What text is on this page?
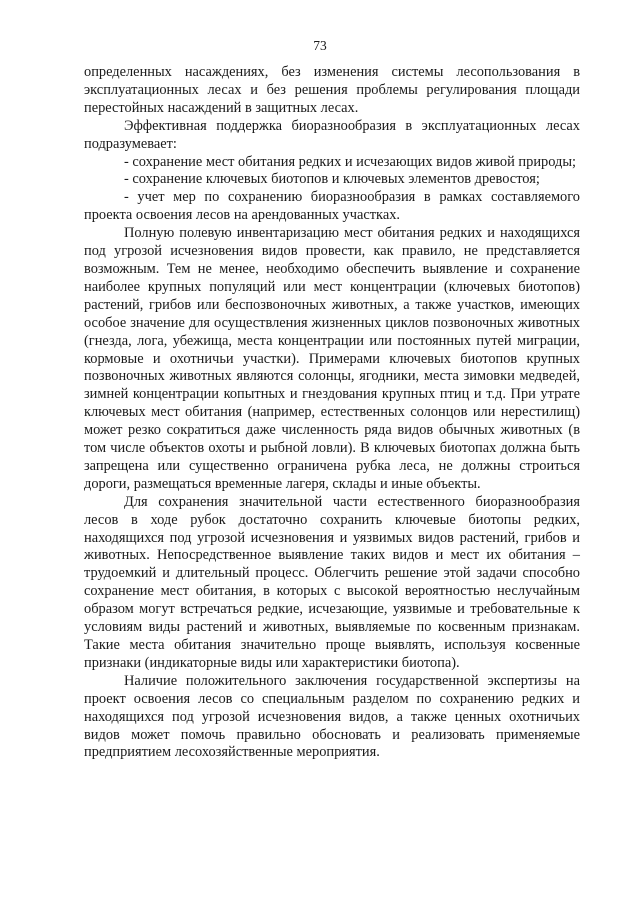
73

определенных насаждениях, без изменения системы лесопользования в эксплуатационных лесах и без решения проблемы регулирования площади перестойных насаждений в защитных лесах.

Эффективная поддержка биоразнообразия в эксплуатационных лесах подразумевает:

- сохранение мест обитания редких и исчезающих видов живой природы;

- сохранение ключевых биотопов и ключевых элементов древостоя;

- учет мер по сохранению биоразнообразия в рамках составляемого проекта освоения лесов на арендованных участках.

Полную полевую инвентаризацию мест обитания редких и находящихся под угрозой исчезновения видов провести, как правило, не представляется возможным. Тем не менее, необходимо обеспечить выявление и сохранение наиболее крупных популяций или мест концентрации (ключевых биотопов) растений, грибов или беспозвоночных животных, а также участков, имеющих особое значение для осуществления жизненных циклов позвоночных животных (гнезда, лога, убежища, места концентрации или постоянных путей миграции, кормовые и охотничьи участки). Примерами ключевых биотопов крупных позвоночных животных являются солонцы, ягодники, места зимовки медведей, зимней концентрации копытных и гнездования крупных птиц и т.д. При утрате ключевых мест обитания (например, естественных солонцов или нерестилищ) может резко сократиться даже численность ряда видов обычных животных (в том числе объектов охоты и рыбной ловли). В ключевых биотопах должна быть запрещена или существенно ограничена рубка леса, не должны строиться дороги, размещаться временные лагеря, склады и иные объекты.

Для сохранения значительной части естественного биоразнообразия лесов в ходе рубок достаточно сохранить ключевые биотопы редких, находящихся под угрозой исчезновения и уязвимых видов растений, грибов и животных. Непосредственное выявление таких видов и мест их обитания – трудоемкий и длительный процесс. Облегчить решение этой задачи способно сохранение мест обитания, в которых с высокой вероятностью неслучайным образом могут встречаться редкие, исчезающие, уязвимые и требовательные к условиям виды растений и животных, выявляемые по косвенным признакам. Такие места обитания значительно проще выявлять, используя косвенные признаки (индикаторные виды или характеристики биотопа).

Наличие положительного заключения государственной экспертизы на проект освоения лесов со специальным разделом по сохранению редких и находящихся под угрозой исчезновения видов, а также ценных охотничьих видов может помочь правильно обосновать и реализовать применяемые предприятием лесохозяйственные мероприятия.
